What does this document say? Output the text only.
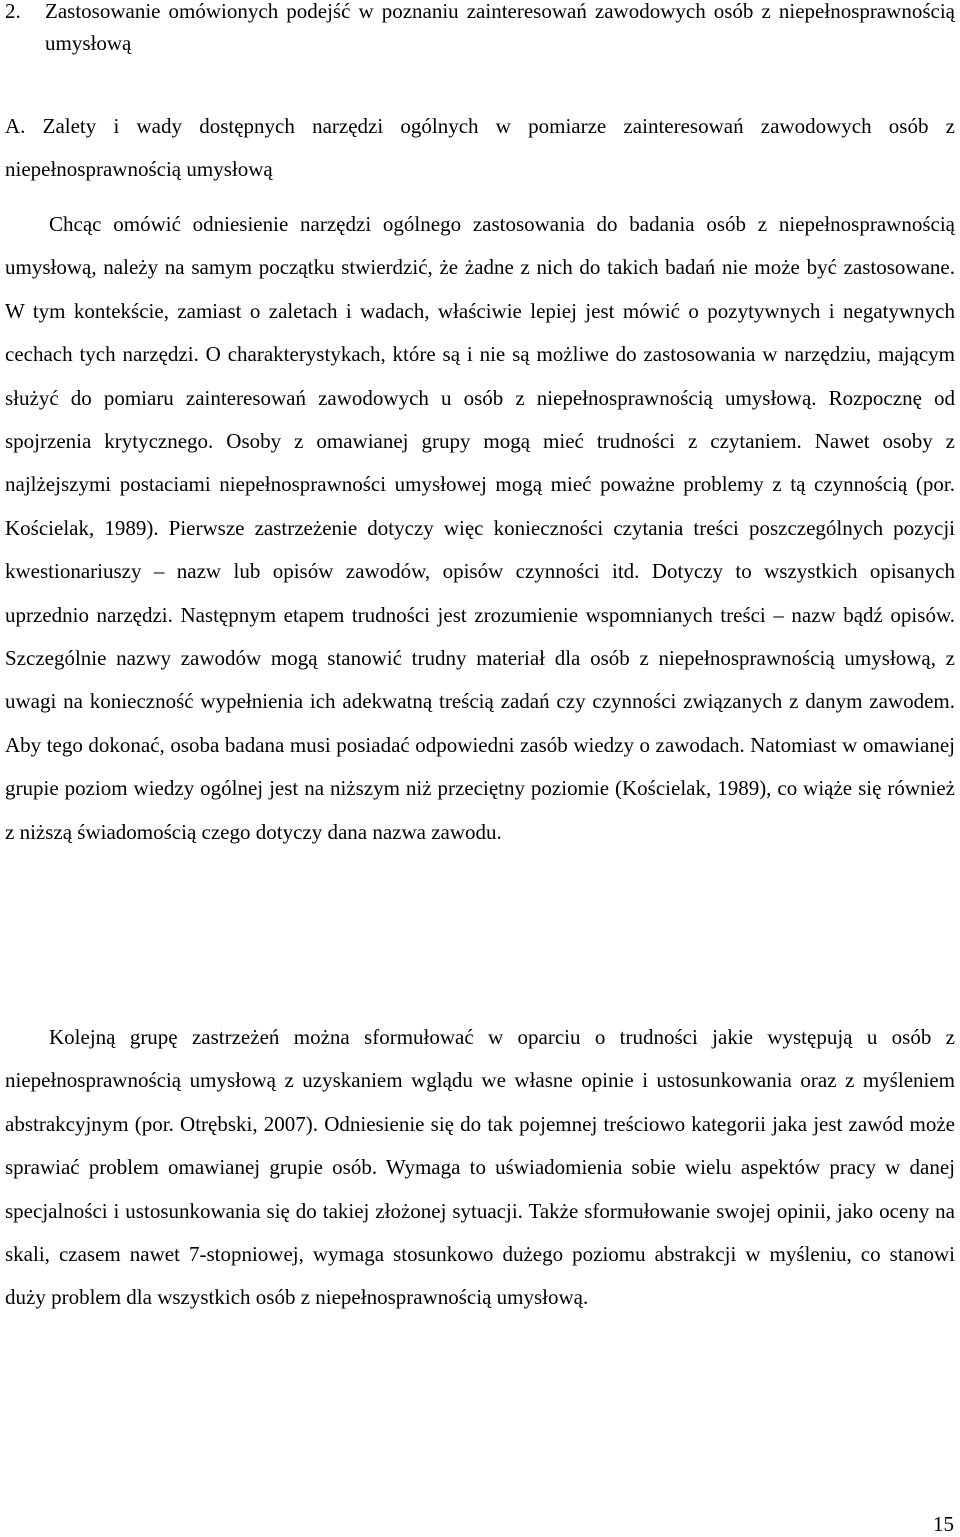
2.	Zastosowanie omówionych podejść w poznaniu zainteresowań zawodowych osób z niepełnosprawnością umysłową

A. Zalety i wady dostępnych narzędzi ogólnych w pomiarze zainteresowań zawodowych osób z niepełnosprawnością umysłową

Chcąc omówić odniesienie narzędzi ogólnego zastosowania do badania osób z niepełnosprawnością umysłową, należy na samym początku stwierdzić, że żadne z nich do takich badań nie może być zastosowane. W tym kontekście, zamiast o zaletach i wadach, właściwie lepiej jest mówić o pozytywnych i negatywnych cechach tych narzędzi. O charakterystykach, które są i nie są możliwe do zastosowania w narzędziu, mającym służyć do pomiaru zainteresowań zawodowych u osób z niepełnosprawnością umysłową. Rozpocznę od spojrzenia krytycznego. Osoby z omawianej grupy mogą mieć trudności z czytaniem. Nawet osoby z najlżejszymi postaciami niepełnosprawności umysłowej mogą mieć poważne problemy z tą czynnością (por. Kościelak, 1989). Pierwsze zastrzeżenie dotyczy więc konieczności czytania treści poszczególnych pozycji kwestionariuszy – nazw lub opisów zawodów, opisów czynności itd. Dotyczy to wszystkich opisanych uprzednio narzędzi. Następnym etapem trudności jest zrozumienie wspomnianych treści – nazw bądź opisów. Szczególnie nazwy zawodów mogą stanowić trudny materiał dla osób z niepełnosprawnością umysłową, z uwagi na konieczność wypełnienia ich adekwatną treścią zadań czy czynności związanych z danym zawodem. Aby tego dokonać, osoba badana musi posiadać odpowiedni zasób wiedzy o zawodach. Natomiast w omawianej grupie poziom wiedzy ogólnej jest na niższym niż przeciętny poziomie (Kościelak, 1989), co wiąże się również z niższą świadomością czego dotyczy dana nazwa zawodu.

Kolejną grupę zastrzeżeń można sformułować w oparciu o trudności jakie występują u osób z niepełnosprawnością umysłową z uzyskaniem wglądu we własne opinie i ustosunkowania oraz z myśleniem abstrakcyjnym (por. Otrębski, 2007). Odniesienie się do tak pojemnej treściowo kategorii jaka jest zawód może sprawiać problem omawianej grupie osób. Wymaga to uświadomienia sobie wielu aspektów pracy w danej specjalności i ustosunkowania się do takiej złożonej sytuacji. Także sformułowanie swojej opinii, jako oceny na skali, czasem nawet 7-stopniowej, wymaga stosunkowo dużego poziomu abstrakcji w myśleniu, co stanowi duży problem dla wszystkich osób z niepełnosprawnością umysłową.

15
